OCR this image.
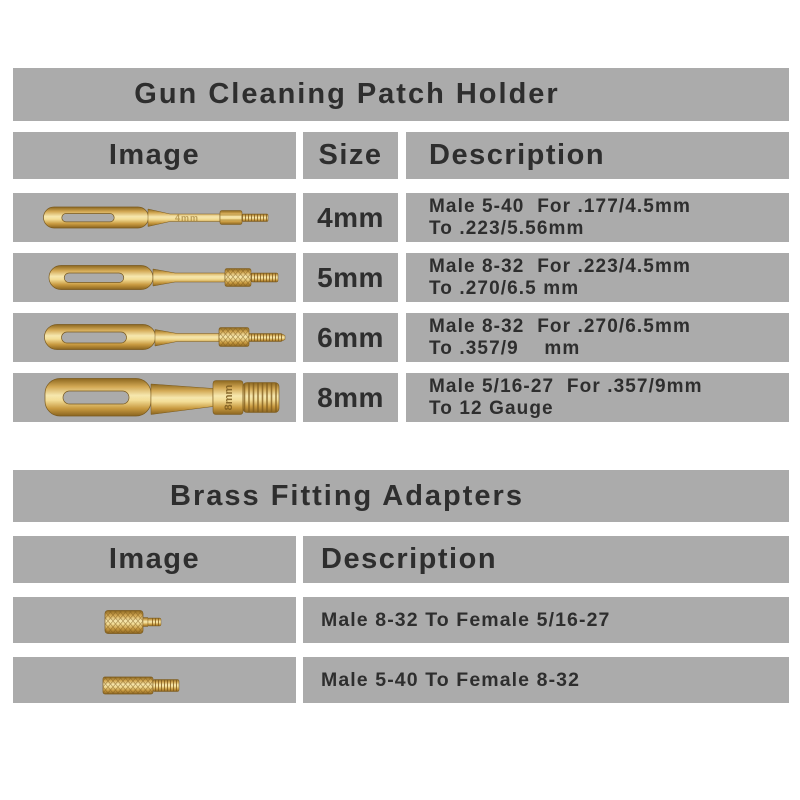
Gun Cleaning Patch Holder
Image	Size Description
4mm	4mm Male 5-40  For .177/4.5mm
To .223/5.56mm
5mm Male 8-32  For .223/4.5mm
To .270/6.5 mm
6mm Male 8-32  For .270/6.5mm
To .357/9    mm
8mm	8mm Male 5/16-27  For .357/9mm
To 12 Gauge
Brass Fitting Adapters
Image	Description
Male 8-32 To Female 5/16-27
Male 5-40 To Female 8-32
